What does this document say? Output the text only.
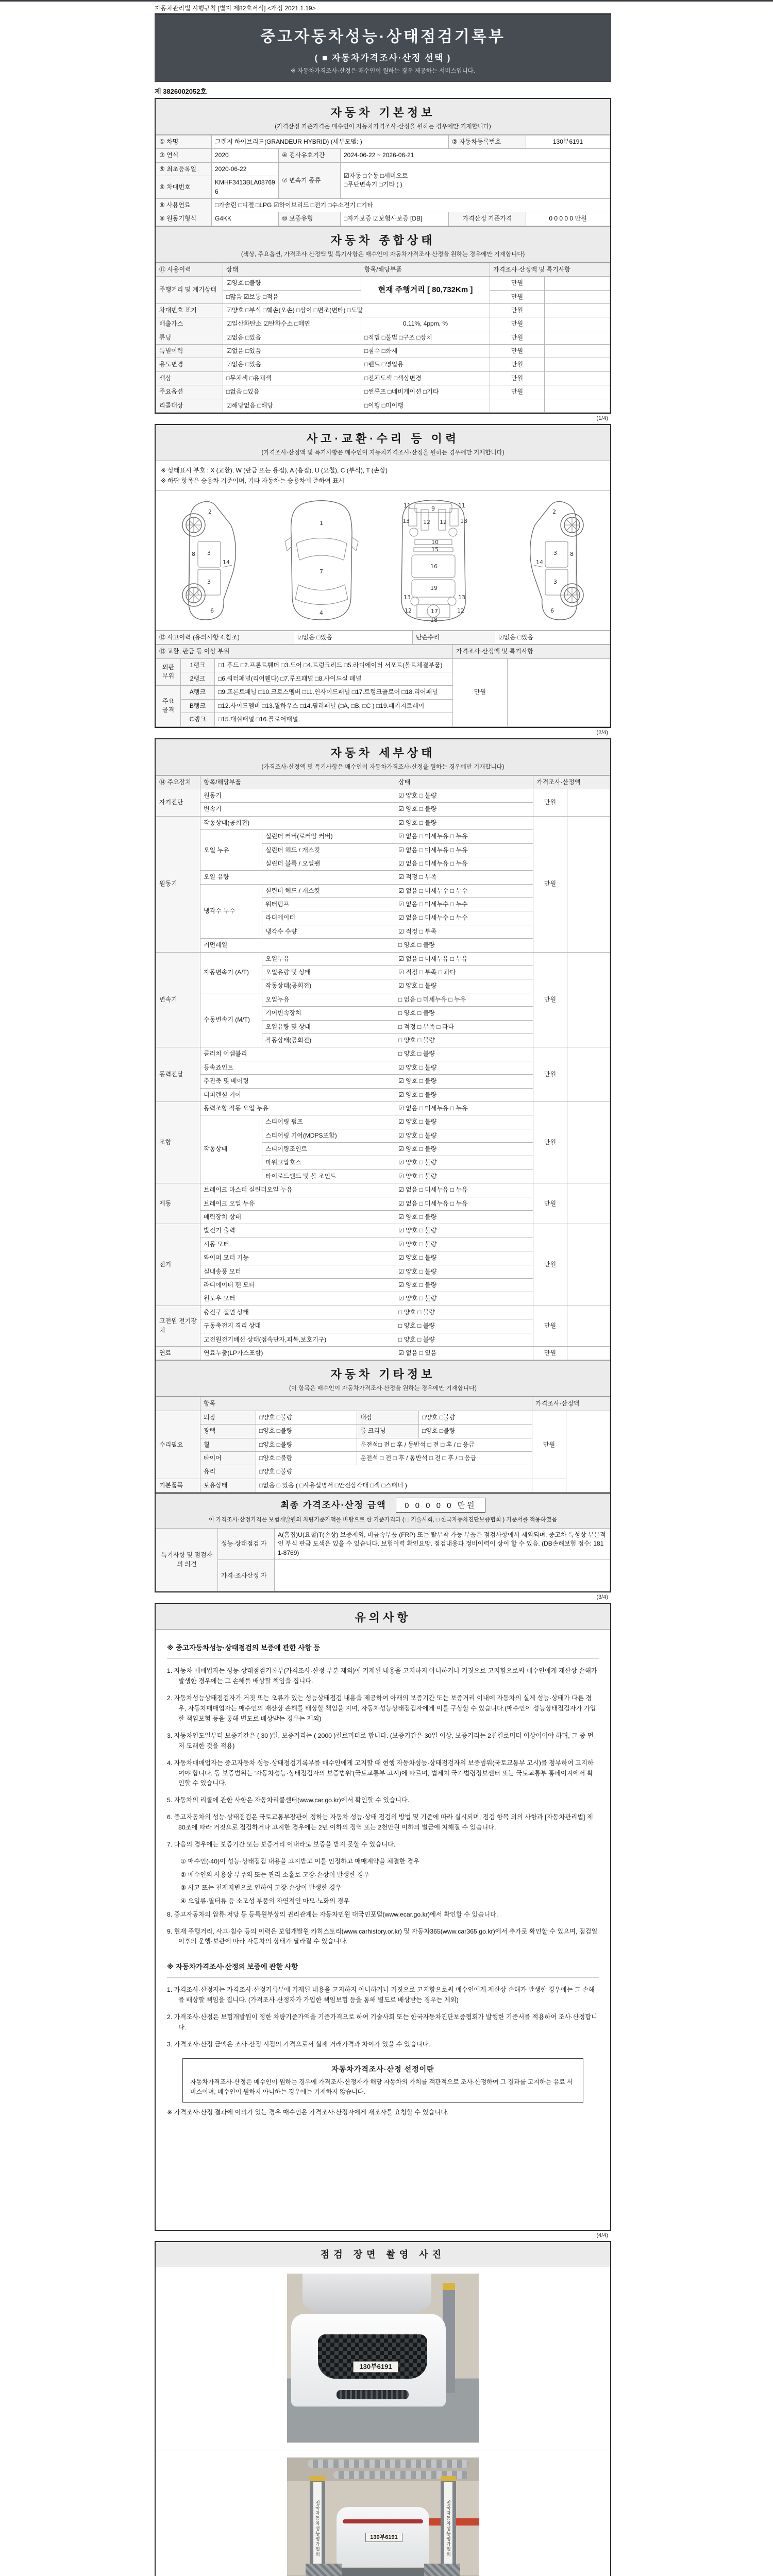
자동차관리법 시행규칙 [별지 제82호서식] <개정 2021.1.19>

중고자동차성능·상태점검기록부

( ■ 자동차가격조사·산정 선택 )

※ 자동차가격조사·산정은 매수인이 원하는 경우 제공하는 서비스입니다.

제 3826002052호

자동차 기본정보

(가격산정 기준가격은 매수인이 자동차가격조사·산정을 원하는 경우에만 기재합니다)

① 차명	그랜저 하이브리드(GRANDEUR HYBRID) (세부모델: )			② 자동차등록번호	130부6191
③ 연식	2020	④ 검사유효기간	2024-06-22 ~ 2026-06-21		
⑤ 최초등록일	2020-06-22	⑦ 변속기 종류	☑자동 □수동 □세미오토
□무단변속기 □기타 ( )		

⑥ 차대번호	KMHF3413BLA087696				
⑧ 사용연료	□가솔린 □디젤 □LPG ☑하이브리드 □전기 □수소전기 □기타				
⑨ 원동기형식	G4KK	⑩ 보증유형	□자가보증 ☑보험사보증 [DB]	가격산정 기준가격	0 0 0 0 0 만원

자동차 종합상태

(색상, 주요옵션, 가격조사·산정액 및 특기사항은 매수인이 자동차가격조사·산정을 원하는 경우에만 기재합니다)

⑪ 사용이력	상태	항목/해당부품	가격조사·산정액 및 특기사항	
주행거리 및 계기상태	☑양호 □불량	현재 주행거리 [ 80,732Km ]	만원	
	□많음 ☑보통 □적음		만원	
차대번호 표기	☑양호 □부식 □훼손(오손) □상이 □변조(변타) □도말		만원	
배출가스	☑일산화탄소 ☑탄화수소 □매연	0.11%, 4ppm, %	만원	
튜닝	☑없음 □있음	□적법 □불법 □구조 □장치	만원	
특별이력	☑없음 □있음	□침수 □화재	만원	
용도변경	☑없음 □있음	□렌트 □영업용	만원	
색상	□무채색 □유채색	□전체도색 □색상변경	만원	
주요옵션	□없음 □있음	□썬루프 □네비게이션 □기타	만원	
리콜대상	☑해당없음 □해당	□이행 □미이행		
(1/4)

사고·교환·수리 등 이력

(가격조사·산정액 및 특기사항은 매수인이 자동차가격조사·산정을 원하는 경우에만 기재합니다)

※ 상태표시 부호 : X (교환), W (판금 또는 용접), A (흠집), U (요철), C (부식), T (손상)
※ 하단 항목은 승용차 기준이며, 기타 자동차는 승용차에 준하여 표시
2
8 3
14
3
6
1
7
4
11	9	11
13 12 12 13
10
15
16
19
13	13
12	17	12
18
2
3 8
14
3
6
⑫ 사고이력 (유의사항 4.참조)	☑없음 □있음	단순수리	☑없음 □있음
⑬ 교환, 판금 등 이상 부위			가격조사·산정액 및 특기사항	
외판 부위	1랭크	□1.후드 □2.프론트휀더 □3.도어 □4.트렁크리드 □5.라디에이터 서포트(볼트체결부품)	만원	
	2랭크	□6.쿼터패널(리어휀다) □7.루프패널 □8.사이드실 패널		
주요 골격	A랭크	□9.프론트패널 □10.크로스멤버 □11.인사이드패널 □17.트렁크플로어 □18.리어패널		
	B랭크	□12.사이드멤버 □13.휠하우스 □14.필러패널 (□A, □B, □C ) □19.패키지트레이		
	C랭크	□15.대쉬패널 □16.플로어패널		
(2/4)

자동차 세부상태

(가격조사·산정액 및 특기사항은 매수인이 자동차가격조사·산정을 원하는 경우에만 기재합니다)

⑭ 주요장치	항목/해당부품		상태	가격조사·산정액	
자기진단	원동기		☑ 양호 □ 불량	만원	
	변속기		☑ 양호 □ 불량		
원동기	작동상태(공회전)		☑ 양호 □ 불량	만원	
	오일 누유	실린더 커버(로커암 커버)	☑ 없음 □ 미세누유 □ 누유		
		실린더 헤드 / 개스킷	☑ 없음 □ 미세누유 □ 누유		
		실린더 블록 / 오일팬	☑ 없음 □ 미세누유 □ 누유		
	오일 유량		☑ 적정 □ 부족		
	냉각수 누수	실린더 헤드 / 개스킷	☑ 없음 □ 미세누수 □ 누수		
		워터펌프	☑ 없음 □ 미세누수 □ 누수		
		라디에이터	☑ 없음 □ 미세누수 □ 누수		
		냉각수 수량	☑ 적정 □ 부족		
	커먼레일		□ 양호 □ 불량		
변속기	자동변속기 (A/T)	오일누유	☑ 없음 □ 미세누유 □ 누유	만원	
		오일유량 및 상태	☑ 적정 □ 부족 □ 과다		
		작동상태(공회전)	☑ 양호 □ 불량		
	수동변속기 (M/T)	오일누유	□ 없음 □ 미세누유 □ 누유		
		기어변속장치	□ 양호 □ 불량		
		오일유량 및 상태	□ 적정 □ 부족 □ 과다		
		작동상태(공회전)	□ 양호 □ 불량		
동력전달	클러치 어셈블리		□ 양호 □ 불량	만원	
	등속죠인트		☑ 양호 □ 불량		
	추진축 및 베어링		☑ 양호 □ 불량		
	디퍼렌셜 기어		☑ 양호 □ 불량		
조향	동력조향 작동 오일 누유		☑ 없음 □ 미세누유 □ 누유	만원	
	작동상태	스티어링 펌프	☑ 양호 □ 불량		
		스티어링 기어(MDPS포함)	☑ 양호 □ 불량		
		스티어링조인트	☑ 양호 □ 불량		
		파워고압호스	☑ 양호 □ 불량		
		타이로드엔드 및 볼 조인트	☑ 양호 □ 불량		
제동	브레이크 마스터 실린더오일 누유		☑ 없음 □ 미세누유 □ 누유	만원	
	브레이크 오일 누유		☑ 없음 □ 미세누유 □ 누유		
	배력장치 상태		☑ 양호 □ 불량		
전기	발전기 출력		☑ 양호 □ 불량	만원	
	시동 모터		☑ 양호 □ 불량		
	와이퍼 모터 기능		☑ 양호 □ 불량		
	실내송풍 모터		☑ 양호 □ 불량		
	라디에이터 팬 모터		☑ 양호 □ 불량		
	윈도우 모터		☑ 양호 □ 불량		
고전원 전기장치	충전구 절연 상태		□ 양호 □ 불량	만원	
	구동축전지 격리 상태		□ 양호 □ 불량		
	고전원전기배선 상태(접속단자,피복,보호기구)		□ 양호 □ 불량		
연료	연료누출(LP가스포함)		☑ 없음 □ 있음	만원	

자동차 기타정보

(이 항목은 매수인이 자동차가격조사·산정을 원하는 경우에만 기재합니다)

	항목				가격조사·산정액	
수리필요	외장	□양호 □불량	내장	□양호 □불량	만원	
	광택	□양호 □불량	룸 크리닝	□양호 □불량		
	휠	□양호 □불량	운전석□ 전 □ 후 / 동반석 □ 전 □ 후 / □ 응급			
	타이어	□양호 □불량	운전석 □ 전 □ 후 / 동반석 □ 전 □ 후 / □ 응급			
	유리	□양호 □불량				
기본품목	보유상태	□없음 □ 있음 ( □사용설명서 □안전삼각대 □잭 □스패너 )				
최종 가격조사·산정 금액 0 0 0 0 0 만원
이 가격조사·산정가격은 보험개발원의 차량기준가액을 바탕으로 한 기준가격과 ( □ 기술사회, □ 한국자동차진단보증협회 ) 기준서를 적용하였음
특기사항 및 점검자의 의견	성능·상태점검 자	A(흠집)U(요철)T(손상) 보증제외, 비금속부품 (FRP) 또는 탈부착 가능 부품은 점검사항에서 제외되며, 중고차 특성상 부분적인 부식 판금 도색은 있을 수 있습니다. 보험이력 확인요망. 점검내용과 정비이력이 상이 할 수 있음. (DB손해보험 접수: 1811-8769)
	가격·조사산정 자	
(3/4)

유의사항

※ 중고자동차성능·상태점검의 보증에 관한 사항 등

1. 자동차 매매업자는 성능·상태점검기록부(가격조사·산정 부분 제외)에 기재된 내용을 고지하지 아니하거나 거짓으로 고지함으로써 매수인에게 재산상 손해가 발생한 경우에는 그 손해를 배상할 책임을 집니다.

2. 자동차성능상태점검자가 거짓 또는 오류가 있는 성능상태점검 내용을 제공하여 아래의 보증기간 또는 보증거리 이내에 자동차의 실제 성능·상태가 다른 경우, 자동차매매업자는 매수인의 재산상 손해를 배상할 책임을 지며, 자동차성능상태점검자에게 이를 구상할 수 있습니다.(매수인이 성능상태점검자가 가입한 책임보험 등을 통해 별도로 배상받는 경우는 제외)

3. 자동차인도일부터 보증기간은 ( 30 )일, 보증거리는 ( 2000 )킬로미터로 합니다. (보증기간은 30일 이상, 보증거리는 2천킬로미터 이상이어야 하며, 그 중 먼저 도래한 것을 적용)

4. 자동차매매업자는 중고자동차 성능·상태점검기록부를 매수인에게 고지할 때 현행 자동차성능·상태점검자의 보증범위(국토교통부 고시)를 첨부하여 고지하여야 합니다. 동 보증범위는 '자동차성능·상태점검자의 보증범위'(국토교통부 고시)에 따르며, 법제처 국가법령정보센터 또는 국토교통부 홈페이지에서 확인할 수 있습니다.

5. 자동차의 리콜에 관한 사항은 자동차리콜센터(www.car.go.kr)에서 확인할 수 있습니다.

6. 중고자동차의 성능·상태점검은 국토교통부장관이 정하는 자동차 성능·상태 점검의 방법 및 기준에 따라 실시되며, 점검 항목 외의 사항과 [자동차관리법] 제80조에 따라 거짓으로 점검하거나 고지한 경우에는 2년 이하의 징역 또는 2천만원 이하의 벌금에 처해질 수 있습니다.

7. 다음의 경우에는 보증기간 또는 보증거리 이내라도 보증을 받지 못할 수 있습니다.

① 매수인(-40)이 성능·상태점검 내용을 고지받고 이를 인정하고 매매계약을 체결한 경우

② 매수인의 사용상 부주의 또는 관리 소홀로 고장·손상이 발생한 경우

③ 사고 또는 천재지변으로 인하여 고장·손상이 발생한 경우

④ 오일류·필터류 등 소모성 부품의 자연적인 마모·노화의 경우

8. 중고자동차의 압류·저당 등 등록원부상의 권리관계는 자동차민원 대국민포털(www.ecar.go.kr)에서 확인할 수 있습니다.

9. 현재 주행거리, 사고·침수 등의 이력은 보험개발원 카히스토리(www.carhistory.or.kr) 및 자동차365(www.car365.go.kr)에서 추가로 확인할 수 있으며, 점검일 이후의 운행·보관에 따라 자동차의 상태가 달라질 수 있습니다.

※ 자동차가격조사·산정의 보증에 관한 사항

1. 가격조사·산정자는 가격조사·산정기록부에 기재된 내용을 고지하지 아니하거나 거짓으로 고지함으로써 매수인에게 재산상 손해가 발생한 경우에는 그 손해를 배상할 책임을 집니다. (가격조사·산정자가 가입한 책임보험 등을 통해 별도로 배상받는 경우는 제외)

2. 가격조사·산정은 보험개발원이 정한 차량기준가액을 기준가격으로 하여 기술사회 또는 한국자동차진단보증협회가 발행한 기준서를 적용하여 조사·산정합니다.

3. 가격조사·산정 금액은 조사·산정 시점의 가격으로서 실제 거래가격과 차이가 있을 수 있습니다.

자동차가격조사·산정 선정이란
자동차가격조사·산정은 매수인이 원하는 경우에 가격조사·산정자가 해당 자동차의 가치를 객관적으로 조사·산정하여 그 결과를 고지하는 유료 서비스이며, 매수인이 원하지 아니하는 경우에는 기재하지 않습니다.

※ 가격조사·산정 결과에 이의가 있는 경우 매수인은 가격조사·산정자에게 재조사를 요청할 수 있습니다.

(4/4)
점검 장면 촬영 사진
130부6191
전국자동차성능평가협회	전국자동차성능평가협회
130부6191
